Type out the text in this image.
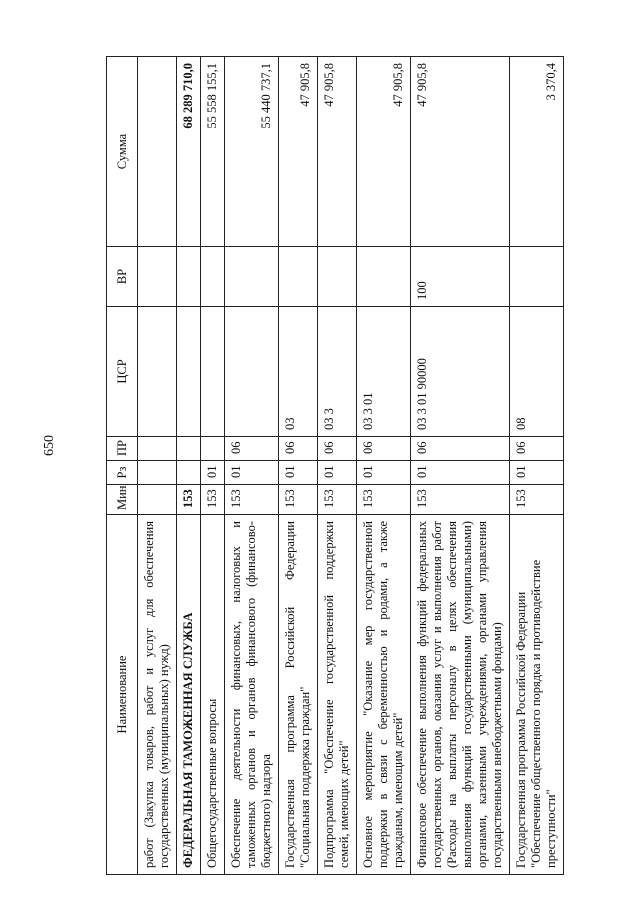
650
Наименование	Мин	Рз	ПР	ЦСР	ВР	Сумма
работ (Закупка товаров, работ и услуг для обеспечения государственных (муниципальных) нужд)						
ФЕДЕРАЛЬНАЯ ТАМОЖЕННАЯ СЛУЖБА	153					68 289 710,0
Общегосударственные вопросы	153	01				55 558 155,1
Обеспечение деятельности финансовых, налоговых и таможенных органов и органов финансового (финансово-бюджетного) надзора	153	01	06			55 440 737,1
Государственная программа Российской Федерации "Социальная поддержка граждан"	153	01	06	03		47 905,8
Подпрограмма "Обеспечение государственной поддержки семей, имеющих детей"	153	01	06	03 3		47 905,8
Основное мероприятие "Оказание мер государственной поддержки в связи с беременностью и родами, а также гражданам, имеющим детей"	153	01	06	03 3 01		47 905,8
Финансовое обеспечение выполнения функций федеральных государственных органов, оказания услуг и выполнения работ (Расходы на выплаты персоналу в целях обеспечения выполнения функций государственными (муниципальными) органами, казенными учреждениями, органами управления государственными внебюджетными фондами)	153	01	06	03 3 01 90000	100	47 905,8
Государственная программа Российской Федерации "Обеспечение общественного порядка и противодействие преступности"	153	01	06	08		3 370,4
